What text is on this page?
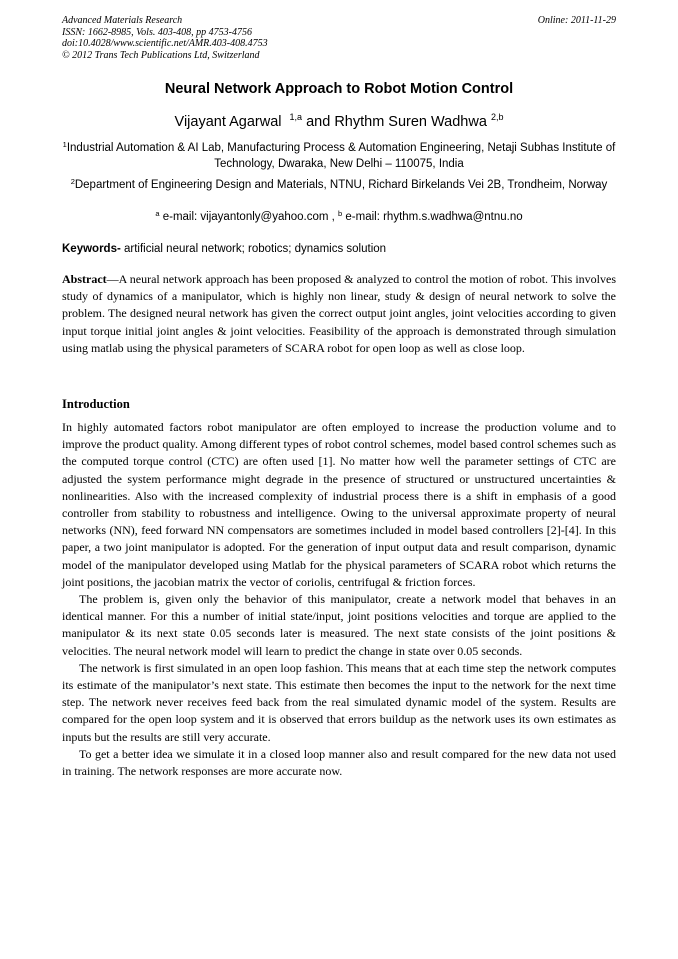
Advanced Materials Research
ISSN: 1662-8985, Vols. 403-408, pp 4753-4756
doi:10.4028/www.scientific.net/AMR.403-408.4753
© 2012 Trans Tech Publications Ltd, Switzerland
Online: 2011-11-29
Neural Network Approach to Robot Motion Control
Vijayant Agarwal $^{1,a}$ and Rhythm Suren Wadhwa $^{2,b}$
$^1$Industrial Automation & AI Lab, Manufacturing Process & Automation Engineering, Netaji Subhas Institute of Technology, Dwaraka, New Delhi – 110075, India
$^2$Department of Engineering Design and Materials, NTNU, Richard Birkelands Vei 2B, Trondheim, Norway
$^a$ e-mail: vijayantonly@yahoo.com , $^b$ e-mail: rhythm.s.wadhwa@ntnu.no
Keywords- artificial neural network; robotics; dynamics solution
Abstract—A neural network approach has been proposed & analyzed to control the motion of robot. This involves study of dynamics of a manipulator, which is highly non linear, study & design of neural network to solve the problem. The designed neural network has given the correct output joint angles, joint velocities according to given input torque initial joint angles & joint velocities. Feasibility of the approach is demonstrated through simulation using matlab using the physical parameters of SCARA robot for open loop as well as close loop.
Introduction

In highly automated factors robot manipulator are often employed to increase the production volume and to improve the product quality. Among different types of robot control schemes, model based control schemes such as the computed torque control (CTC) are often used [1]. No matter how well the parameter settings of CTC are adjusted the system performance might degrade in the presence of structured or unstructured uncertainties & nonlinearities. Also with the increased complexity of industrial process there is a shift in emphasis of a good controller from stability to robustness and intelligence. Owing to the universal approximate property of neural networks (NN), feed forward NN compensators are sometimes included in model based controllers [2]-[4]. In this paper, a two joint manipulator is adopted. For the generation of input output data and result comparison, dynamic model of the manipulator developed using Matlab for the physical parameters of SCARA robot which returns the joint positions, the jacobian matrix the vector of coriolis, centrifugal & friction forces.

The problem is, given only the behavior of this manipulator, create a network model that behaves in an identical manner. For this a number of initial state/input, joint positions velocities and torque are applied to the manipulator & its next state 0.05 seconds later is measured. The next state consists of the joint positions & velocities. The neural network model will learn to predict the change in state over 0.05 seconds.

The network is first simulated in an open loop fashion. This means that at each time step the network computes its estimate of the manipulator’s next state. This estimate then becomes the input to the network for the next time step. The network never receives feed back from the real simulated dynamic model of the system. Results are compared for the open loop system and it is observed that errors buildup as the network uses its own estimates as inputs but the results are still very accurate.

To get a better idea we simulate it in a closed loop manner also and result compared for the new data not used in training. The network responses are more accurate now.
